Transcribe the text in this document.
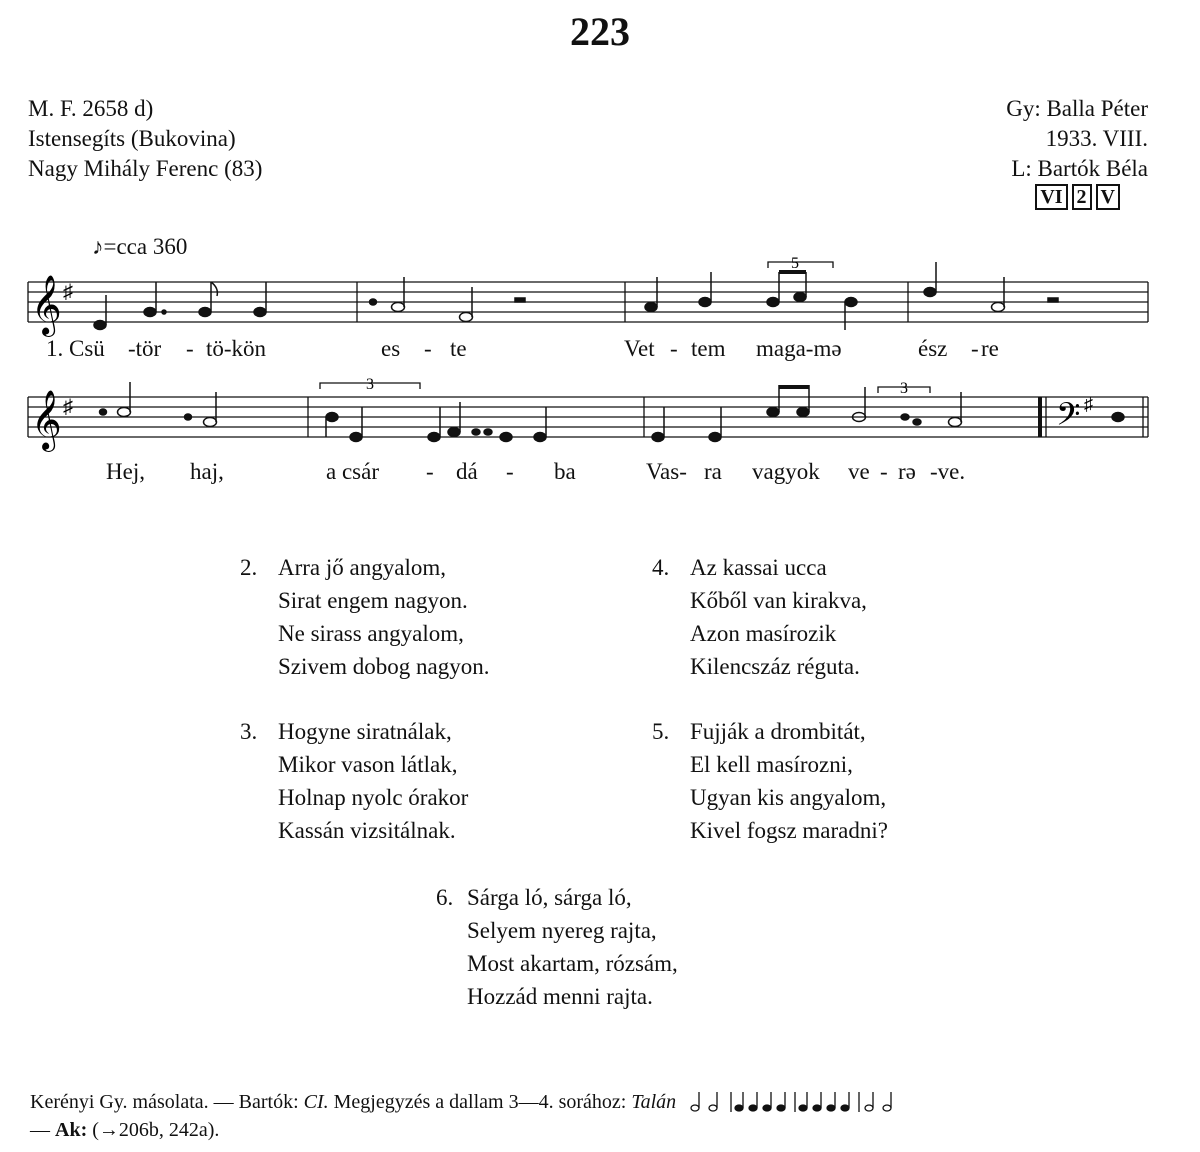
223
M. F. 2658 d)
Istensegíts (Bukovina)
Nagy Mihály Ferenc (83)
Gy: Balla Péter
1933. VIII.
L: Bartók Béla
VI 2 V
♪=cca 360
𝄞 ♯
5
1. Csü -tör - tö-kön	es - te	Vet - tem maga-mə	ész - re
𝄞 ♯	𝄢 ♯
3	3
Hej, haj,	a csár - dá - ba	Vas- ra vagyok ve - rə -ve.
2. Arra jő angyalom,
Sirat engem nagyon.
Ne sirass angyalom,
Szivem dobog nagyon.
4. Az kassai ucca
Kőből van kirakva,
Azon masírozik
Kilencszáz réguta.
3. Hogyne siratnálak,
Mikor vason látlak,
Holnap nyolc órakor
Kassán vizsitálnak.
5. Fujják a drombitát,
El kell masírozni,
Ugyan kis angyalom,
Kivel fogsz maradni?
6. Sárga ló, sárga ló,
Selyem nyereg rajta,
Most akartam, rózsám,
Hozzád menni rajta.
Kerényi Gy. másolata. — Bartók: CI. Megjegyzés a dallam 3—4. sorához: Talán
— Ak: (→206b, 242a).
